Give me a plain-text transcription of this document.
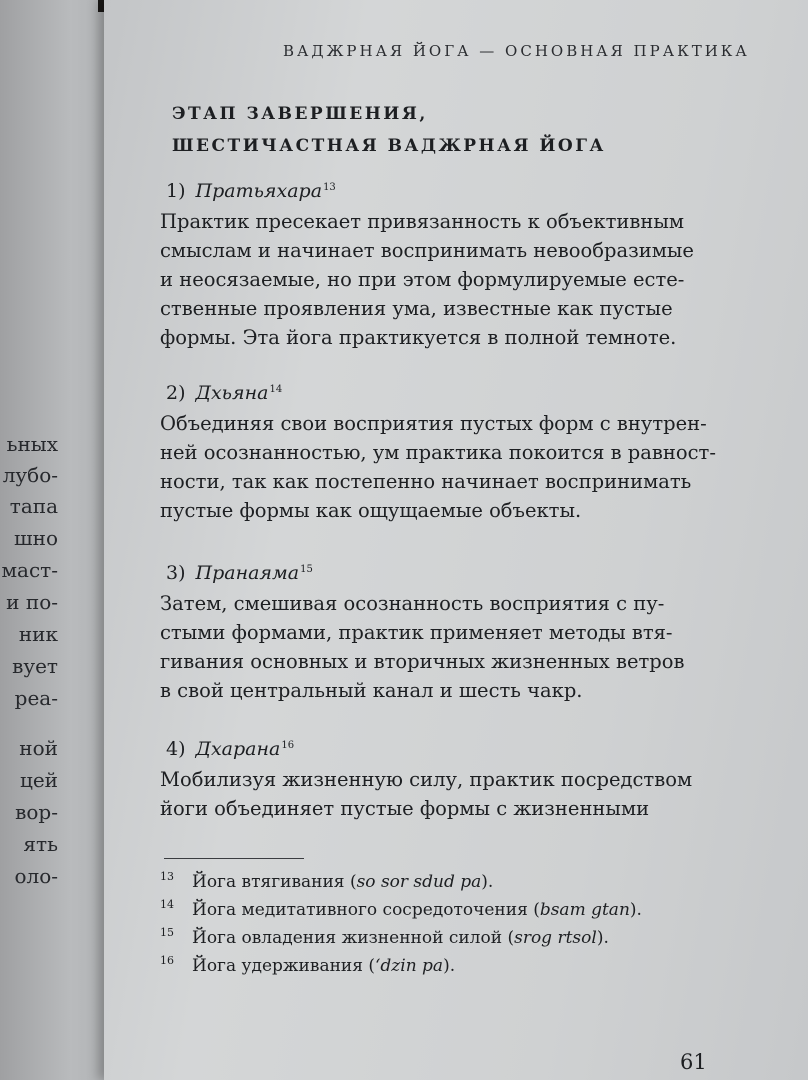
ьных
лубо-
тапа
шно
маст-
и по-
ник
вует
реа-
ной
цей
вор-
ять
оло-
ВАДЖРНАЯ ЙОГА — ОСНОВНАЯ ПРАКТИКА
ЭТАП ЗАВЕРШЕНИЯ,
ШЕСТИЧАСТНАЯ ВАДЖРНАЯ ЙОГА
1) Пратьяхара$^{13}$
Практик пресекает привязанность к объективным
смыслам и начинает воспринимать невообразимые
и неосязаемые, но при этом формулируемые есте-
ственные проявления ума, известные как пустые
формы. Эта йога практикуется в полной темноте.
2) Дхьяна$^{14}$
Объединяя свои восприятия пустых форм с внутрен-
ней осознанностью, ум практика покоится в равност-
ности, так как постепенно начинает воспринимать
пустые формы как ощущаемые объекты.
3) Пранаяма$^{15}$
Затем, смешивая осознанность восприятия с пу-
стыми формами, практик применяет методы втя-
гивания основных и вторичных жизненных ветров
в свой центральный канал и шесть чакр.
4) Дхарана$^{16}$
Мобилизуя жизненную силу, практик посредством
йоги объединяет пустые формы с жизненными
13 Йога втягивания (so sor sdud pa).
14 Йога медитативного сосредоточения (bsam gtan).
15 Йога овладения жизненной силой (srog rtsol).
16 Йога удерживания (‘dzin pa).
61
